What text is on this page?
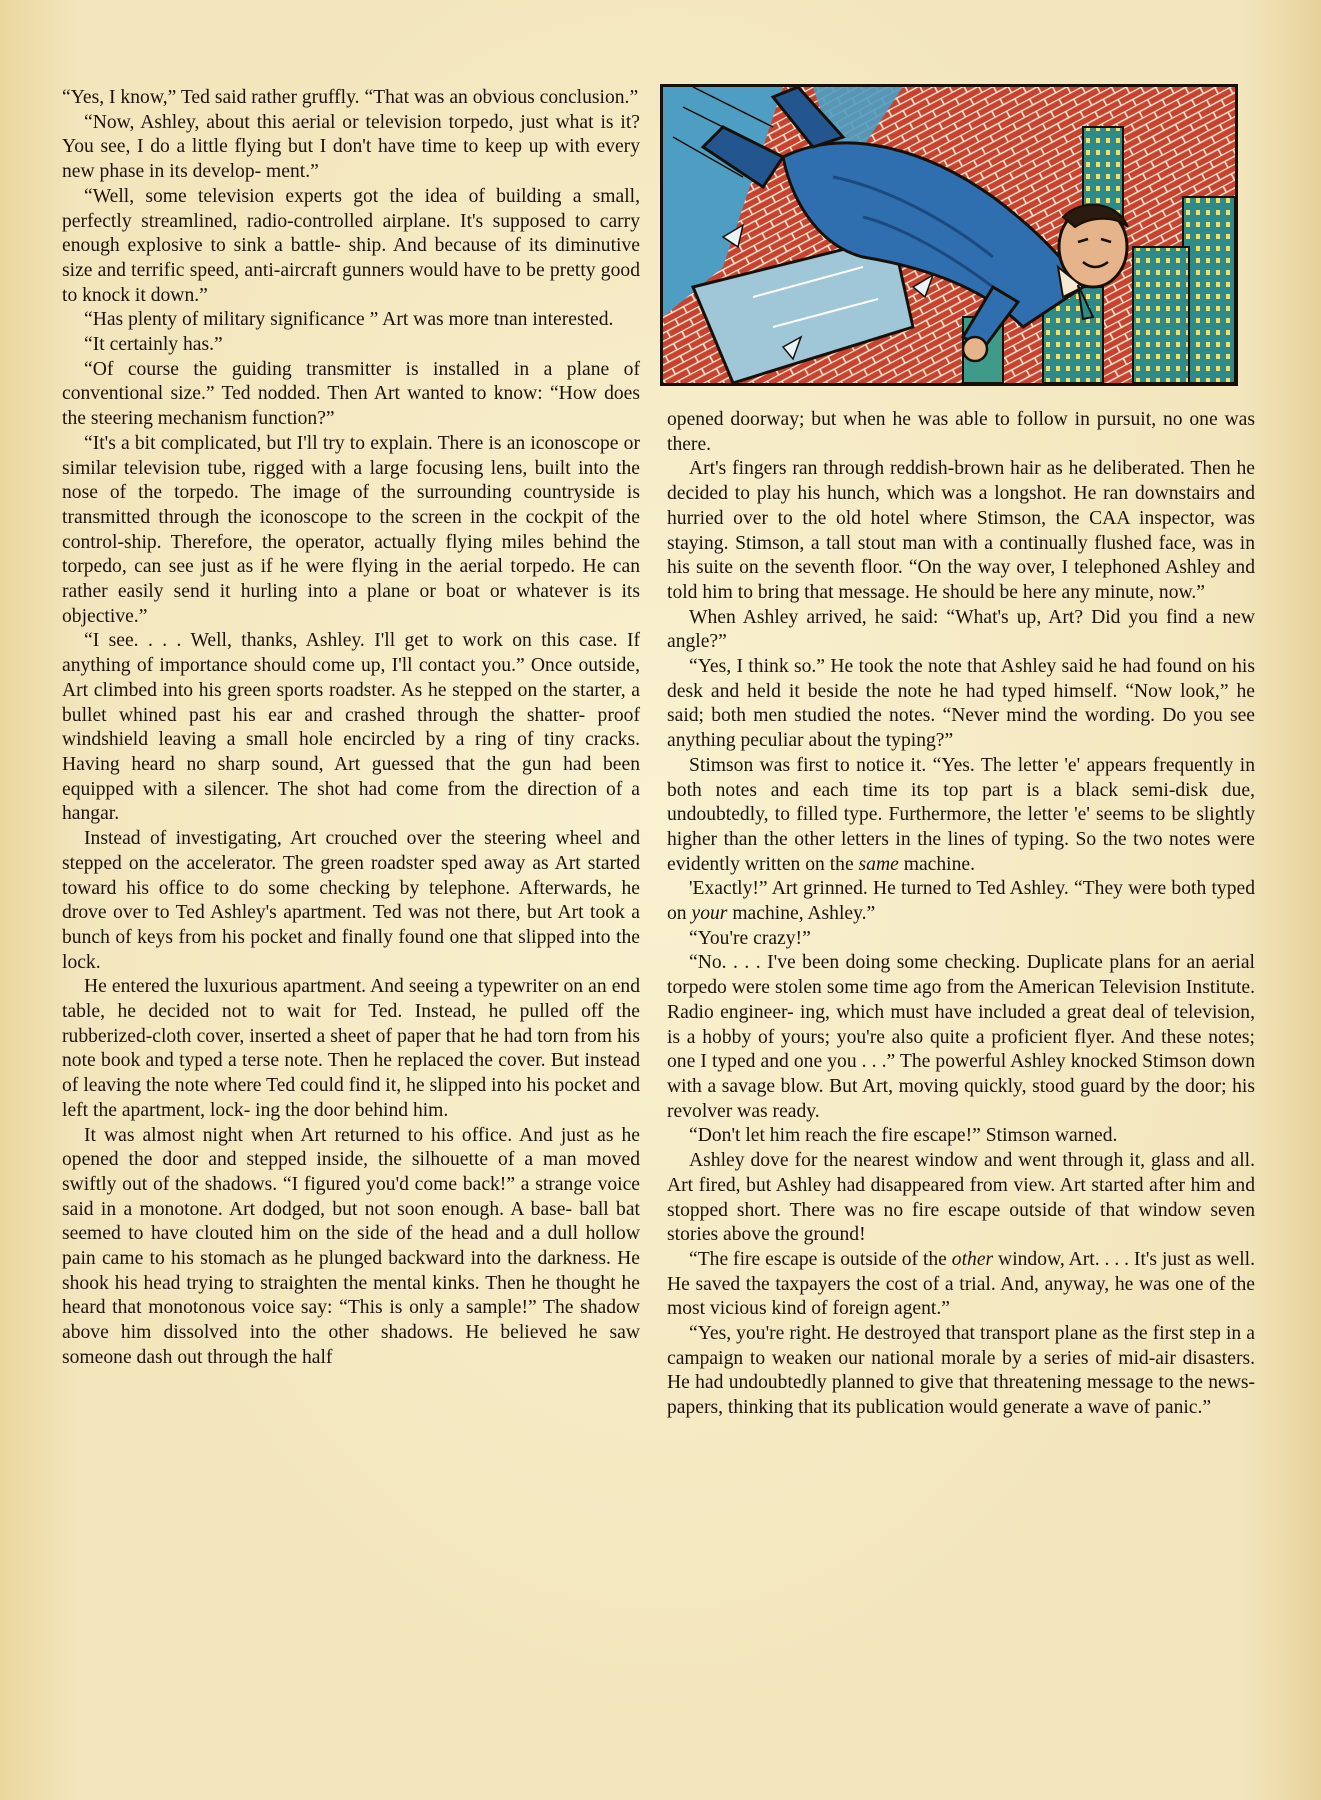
“Yes, I know,” Ted said rather gruffly. “That was an obvious conclusion.”

“Now, Ashley, about this aerial or television torpedo, just what is it? You see, I do a little flying but I don't have time to keep up with every new phase in its develop- ment.”

“Well, some television experts got the idea of building a small, perfectly streamlined, radio-controlled airplane. It's supposed to carry enough explosive to sink a battle- ship. And because of its diminutive size and terrific speed, anti-aircraft gunners would have to be pretty good to knock it down.”

“Has plenty of military significance ” Art was more tnan interested.

“It certainly has.”

“Of course the guiding transmitter is installed in a plane of conventional size.” Ted nodded. Then Art wanted to know: “How does the steering mechanism function?”

“It's a bit complicated, but I'll try to explain. There is an iconoscope or similar television tube, rigged with a large focusing lens, built into the nose of the torpedo. The image of the surrounding countryside is transmitted through the iconoscope to the screen in the cockpit of the control-ship. Therefore, the operator, actually flying miles behind the torpedo, can see just as if he were flying in the aerial torpedo. He can rather easily send it hurling into a plane or boat or whatever is its objective.”

“I see. . . . Well, thanks, Ashley. I'll get to work on this case. If anything of importance should come up, I'll contact you.” Once outside, Art climbed into his green sports roadster. As he stepped on the starter, a bullet whined past his ear and crashed through the shatter- proof windshield leaving a small hole encircled by a ring of tiny cracks. Having heard no sharp sound, Art guessed that the gun had been equipped with a silencer. The shot had come from the direction of a hangar.

Instead of investigating, Art crouched over the steering wheel and stepped on the accelerator. The green roadster sped away as Art started toward his office to do some checking by telephone. Afterwards, he drove over to Ted Ashley's apartment. Ted was not there, but Art took a bunch of keys from his pocket and finally found one that slipped into the lock.

He entered the luxurious apartment. And seeing a typewriter on an end table, he decided not to wait for Ted. Instead, he pulled off the rubberized-cloth cover, inserted a sheet of paper that he had torn from his note book and typed a terse note. Then he replaced the cover. But instead of leaving the note where Ted could find it, he slipped into his pocket and left the apartment, lock- ing the door behind him.

It was almost night when Art returned to his office. And just as he opened the door and stepped inside, the silhouette of a man moved swiftly out of the shadows. “I figured you'd come back!” a strange voice said in a monotone. Art dodged, but not soon enough. A base- ball bat seemed to have clouted him on the side of the head and a dull hollow pain came to his stomach as he plunged backward into the darkness. He shook his head trying to straighten the mental kinks. Then he thought he heard that monotonous voice say: “This is only a sample!” The shadow above him dissolved into the other shadows. He believed he saw someone dash out through the half

opened doorway; but when he was able to follow in pursuit, no one was there.

Art's fingers ran through reddish-brown hair as he deliberated. Then he decided to play his hunch, which was a longshot. He ran downstairs and hurried over to the old hotel where Stimson, the CAA inspector, was staying. Stimson, a tall stout man with a continually flushed face, was in his suite on the seventh floor. “On the way over, I telephoned Ashley and told him to bring that message. He should be here any minute, now.”

When Ashley arrived, he said: “What's up, Art? Did you find a new angle?”

“Yes, I think so.” He took the note that Ashley said he had found on his desk and held it beside the note he had typed himself. “Now look,” he said; both men studied the notes. “Never mind the wording. Do you see anything peculiar about the typing?”

Stimson was first to notice it. “Yes. The letter 'e' appears frequently in both notes and each time its top part is a black semi-disk due, undoubtedly, to filled type. Furthermore, the letter 'e' seems to be slightly higher than the other letters in the lines of typing. So the two notes were evidently written on the same machine.

'Exactly!” Art grinned. He turned to Ted Ashley. “They were both typed on your machine, Ashley.”

“You're crazy!”

“No. . . . I've been doing some checking. Duplicate plans for an aerial torpedo were stolen some time ago from the American Television Institute. Radio engineer- ing, which must have included a great deal of television, is a hobby of yours; you're also quite a proficient flyer. And these notes; one I typed and one you . . .” The powerful Ashley knocked Stimson down with a savage blow. But Art, moving quickly, stood guard by the door; his revolver was ready.

“Don't let him reach the fire escape!” Stimson warned.

Ashley dove for the nearest window and went through it, glass and all. Art fired, but Ashley had disappeared from view. Art started after him and stopped short. There was no fire escape outside of that window seven stories above the ground!

“The fire escape is outside of the other window, Art. . . . It's just as well. He saved the taxpayers the cost of a trial. And, anyway, he was one of the most vicious kind of foreign agent.”

“Yes, you're right. He destroyed that transport plane as the first step in a campaign to weaken our national morale by a series of mid-air disasters. He had undoubtedly planned to give that threatening message to the news- papers, thinking that its publication would generate a wave of panic.”
